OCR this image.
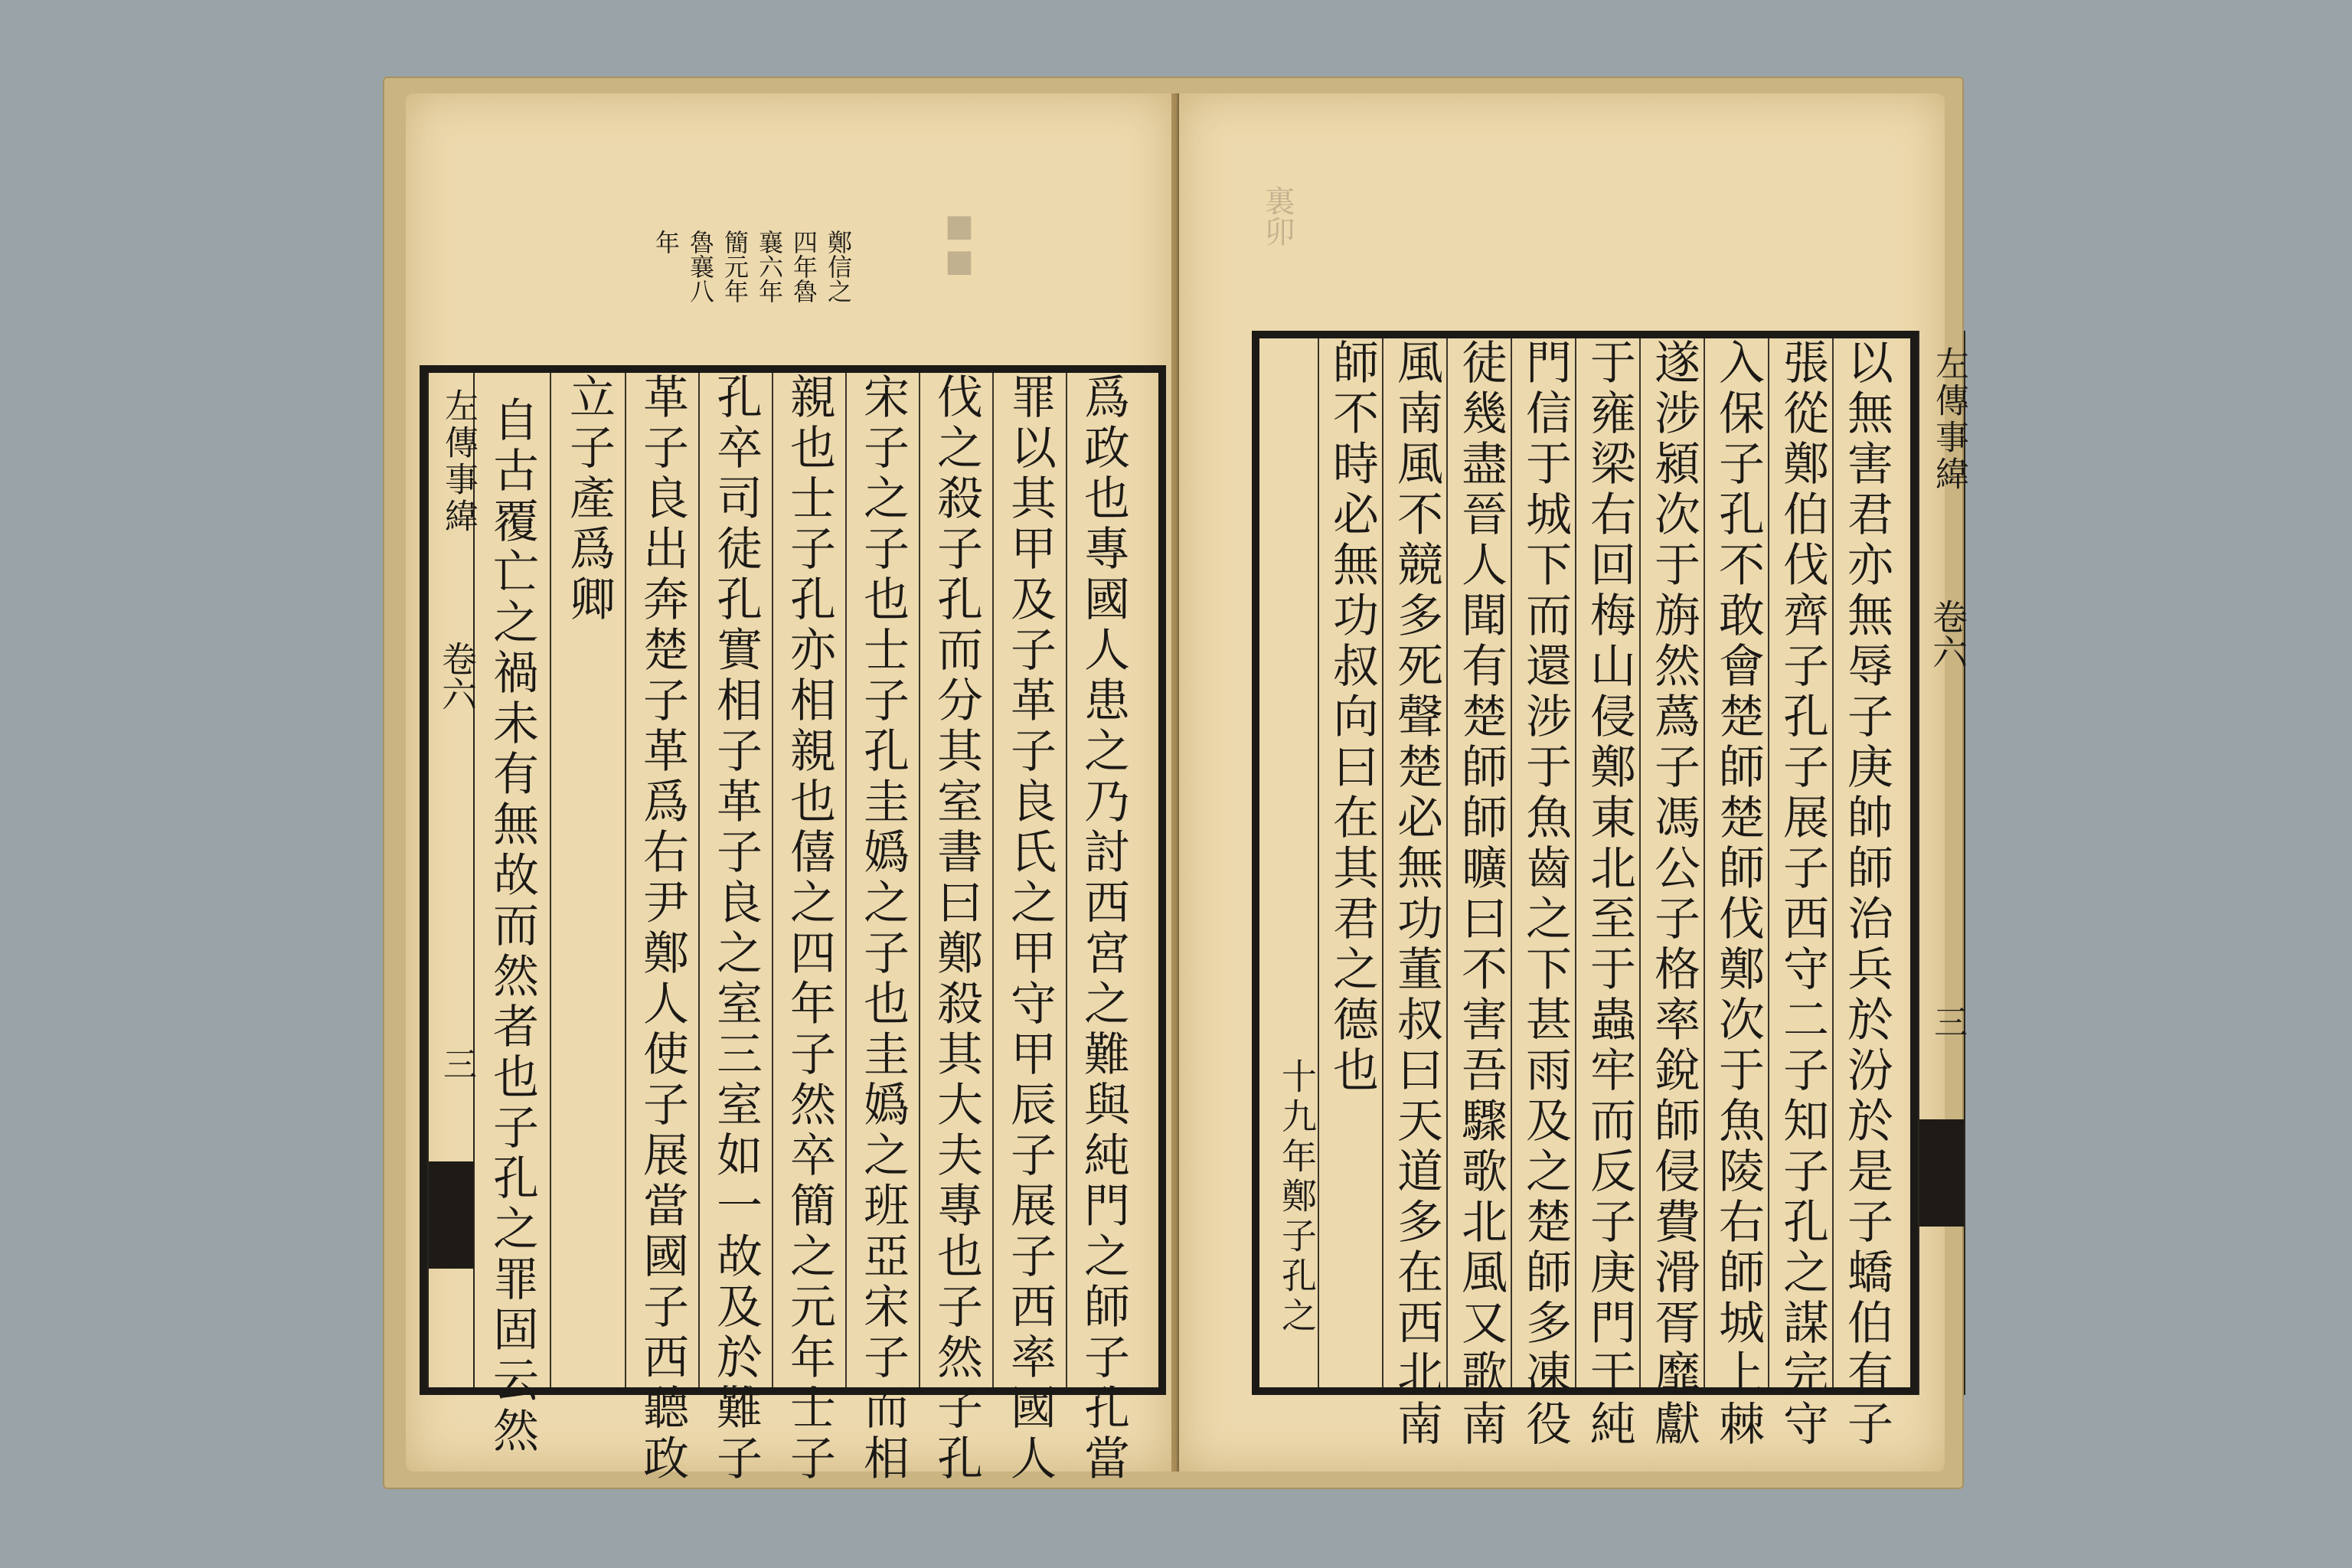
鄭信之
四年魯
襄六年
簡元年
魯襄八
年	■■
左傳事緯
卷六
三 自古覆亡之禍未有無故而然者也子孔之罪固云然 立子產爲卿 革子良出奔楚子革爲右尹鄭人使子展當國子西聽政 孔卒司徒孔實相子革子良之室三室如一故及於難子 親也士子孔亦相親也僖之四年子然卒簡之元年士子 宋子之子也士子孔圭嬀之子也圭嬀之班亞宋子而相 伐之殺子孔而分其室書曰鄭殺其大夫專也子然子孔 罪以其甲及子革子良氏之甲守甲辰子展子西率國人 爲政也專國人患之乃討西宮之難與純門之師子孔當
裏卯
十九年鄭子孔之
師不時必無功叔向曰在其君之德也 風南風不競多死聲楚必無功董叔曰天道多在西北南 徒幾盡晉人聞有楚師師曠曰不害吾驟歌北風又歌南 門信于城下而還涉于魚齒之下甚雨及之楚師多凍役 于雍梁右回梅山侵鄭東北至于蟲牢而反子庚門于純 遂涉潁次于旃然蔿子馮公子格率銳師侵費滑胥靡獻 入保子孔不敢會楚師楚師伐鄭次于魚陵右師城上棘 張從鄭伯伐齊子孔子展子西守二子知子孔之謀完守 以無害君亦無辱子庚帥師治兵於汾於是子蟜伯有子 左傳事緯
卷六
三
